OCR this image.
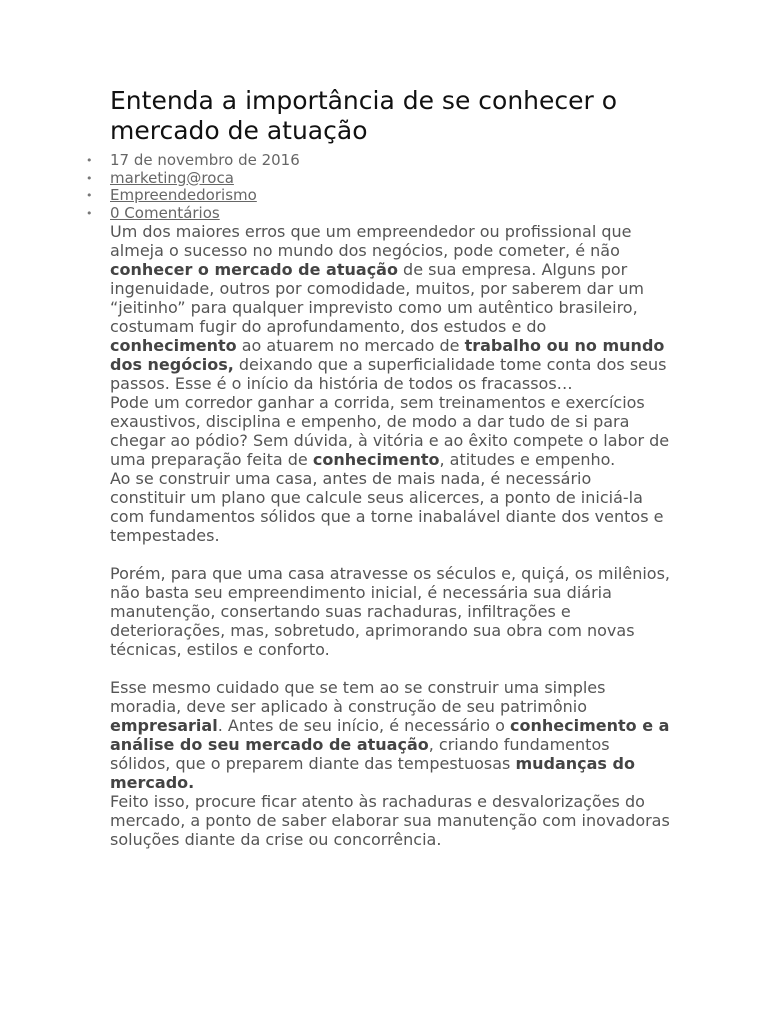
Entenda a importância de se conhecer o mercado de atuação
• 17 de novembro de 2016
• marketing@roca
• Empreendedorismo
• 0 Comentários

Um dos maiores erros que um empreendedor ou profissional que almeja o sucesso no mundo dos negócios, pode cometer, é não conhecer o mercado de atuação de sua empresa. Alguns por ingenuidade, outros por comodidade, muitos, por saberem dar um “jeitinho” para qualquer imprevisto como um autêntico brasileiro, costumam fugir do aprofundamento, dos estudos e do conhecimento ao atuarem no mercado de trabalho ou no mundo dos negócios, deixando que a superficialidade tome conta dos seus passos. Esse é o início da história de todos os fracassos…

Pode um corredor ganhar a corrida, sem treinamentos e exercícios exaustivos, disciplina e empenho, de modo a dar tudo de si para chegar ao pódio? Sem dúvida, à vitória e ao êxito compete o labor de uma preparação feita de conhecimento, atitudes e empenho.

Ao se construir uma casa, antes de mais nada, é necessário constituir um plano que calcule seus alicerces, a ponto de iniciá-la com fundamentos sólidos que a torne inabalável diante dos ventos e tempestades.

Porém, para que uma casa atravesse os séculos e, quiçá, os milênios, não basta seu empreendimento inicial, é necessária sua diária manutenção, consertando suas rachaduras, infiltrações e deteriorações, mas, sobretudo, aprimorando sua obra com novas técnicas, estilos e conforto.

Esse mesmo cuidado que se tem ao se construir uma simples moradia, deve ser aplicado à construção de seu patrimônio empresarial. Antes de seu início, é necessário o conhecimento e a análise do seu mercado de atuação, criando fundamentos sólidos, que o preparem diante das tempestuosas mudanças do mercado.

Feito isso, procure ficar atento às rachaduras e desvalorizações do mercado, a ponto de saber elaborar sua manutenção com inovadoras soluções diante da crise ou concorrência.
